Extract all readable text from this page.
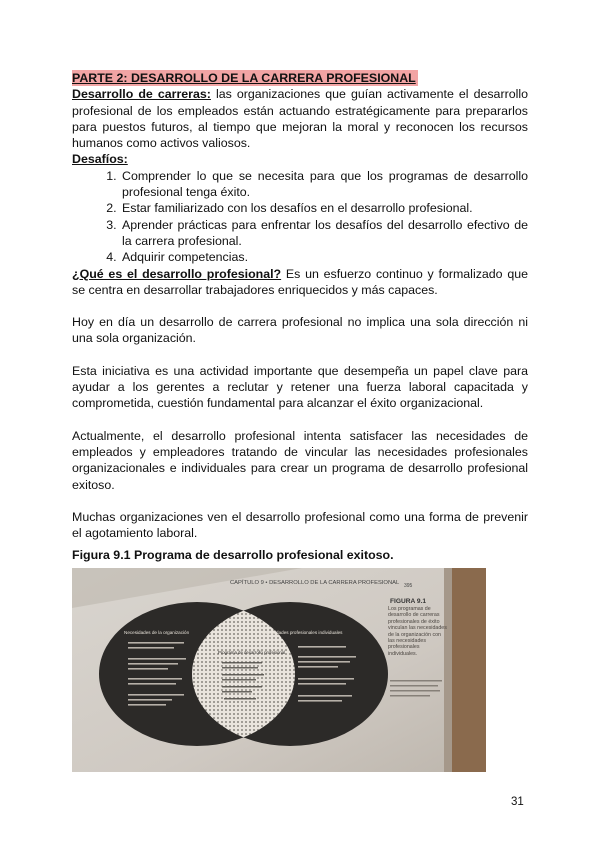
PARTE 2: DESARROLLO DE LA CARRERA PROFESIONAL

Desarrollo de carreras: las organizaciones que guían activamente el desarrollo profesional de los empleados están actuando estratégicamente para prepararlos para puestos futuros, al tiempo que mejoran la moral y reconocen los recursos humanos como activos valiosos.

Desafíos:
1. Comprender lo que se necesita para que los programas de desarrollo profesional tenga éxito.
2. Estar familiarizado con los desafíos en el desarrollo profesional.
3. Aprender prácticas para enfrentar los desafíos del desarrollo efectivo de la carrera profesional.
4. Adquirir competencias.

¿Qué es el desarrollo profesional? Es un esfuerzo continuo y formalizado que se centra en desarrollar trabajadores enriquecidos y más capaces.

Hoy en día un desarrollo de carrera profesional no implica una sola dirección ni una sola organización.

Esta iniciativa es una actividad importante que desempeña un papel clave para ayudar a los gerentes a reclutar y retener una fuerza laboral capacitada y comprometida, cuestión fundamental para alcanzar el éxito organizacional.

Actualmente, el desarrollo profesional intenta satisfacer las necesidades de empleados y empleadores tratando de vincular las necesidades profesionales organizacionales e individuales para crear un programa de desarrollo profesional exitoso.

Muchas organizaciones ven el desarrollo profesional como una forma de prevenir el agotamiento laboral.

Figura 9.1 Programa de desarrollo profesional exitoso.
CAPÍTULO 9 • DESARROLLO DE LA CARRERA PROFESIONAL 395
Necesidades de la organización
Programa de desarrollo profesional
Necesidades profesionales individuales
FIGURA 9.1
Los programas de desarrollo de carreras profesionales de éxito vinculan las necesidades de la organización con las necesidades profesionales individuales.
31
